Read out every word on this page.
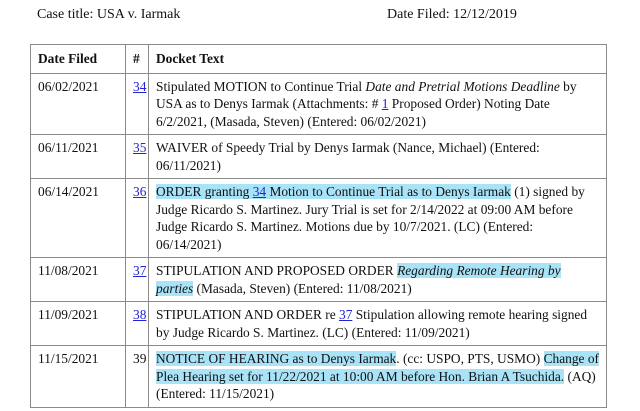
Case title: USA v. Iarmak	Date Filed: 12/12/2019
Date Filed	#	Docket Text
06/02/2021	34	Stipulated MOTION to Continue Trial Date and Pretrial Motions Deadline by USA as to Denys Iarmak (Attachments: # 1 Proposed Order) Noting Date 6/2/2021, (Masada, Steven) (Entered: 06/02/2021)
06/11/2021	35	WAIVER of Speedy Trial by Denys Iarmak (Nance, Michael) (Entered: 06/11/2021)
06/14/2021	36	ORDER granting 34 Motion to Continue Trial as to Denys Iarmak (1) signed by Judge Ricardo S. Martinez. Jury Trial is set for 2/14/2022 at 09:00 AM before Judge Ricardo S. Martinez. Motions due by 10/7/2021. (LC) (Entered: 06/14/2021)
11/08/2021	37	STIPULATION AND PROPOSED ORDER Regarding Remote Hearing by parties (Masada, Steven) (Entered: 11/08/2021)
11/09/2021	38	STIPULATION AND ORDER re 37 Stipulation allowing remote hearing signed by Judge Ricardo S. Martinez. (LC) (Entered: 11/09/2021)
11/15/2021	39	NOTICE OF HEARING as to Denys Iarmak. (cc: USPO, PTS, USMO) Change of Plea Hearing set for 11/22/2021 at 10:00 AM before Hon. Brian A Tsuchida. (AQ) (Entered: 11/15/2021)
